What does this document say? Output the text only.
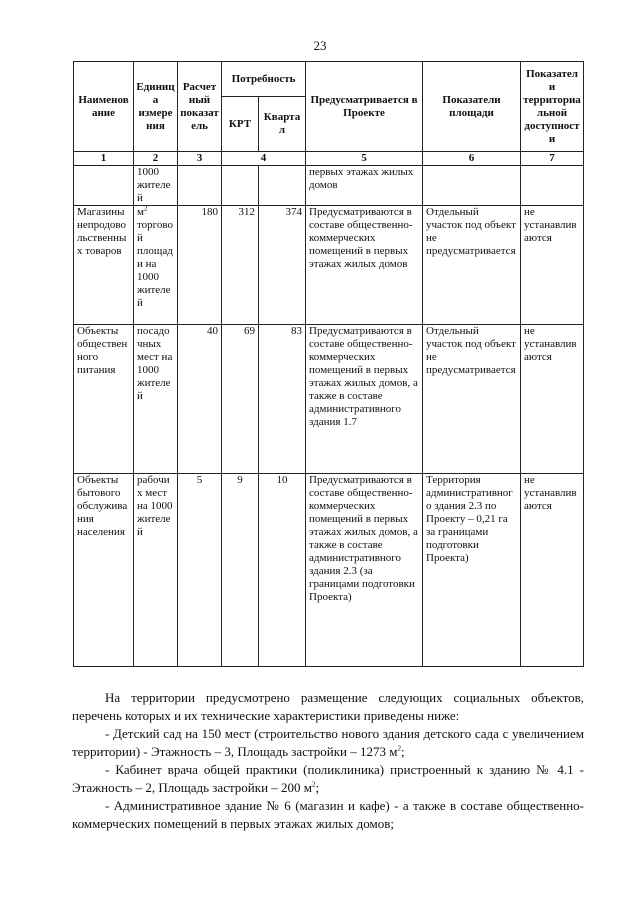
23
Наименование	Единица измерения	Расчетный показатель	Потребность		Предусматривается в Проекте	Показатели площади	Показатели территориальной доступности
			КРТ	Квартал			
1	2	3	4		5	6	7
	1000 жителей				первых этажах жилых домов		
Магазины непродовольственных товаров	$м^2$ торговой площади на 1000 жителей	180	312	374	Предусматриваются в составе общественно-коммерческих помещений в первых этажах жилых домов	Отдельный участок под объект не предусматривается	не устанавливаются
Объекты общественного питания	посадочных мест на 1000 жителей	40	69	83	Предусматриваются в составе общественно-коммерческих помещений в первых этажах жилых домов, а также в составе административного здания 1.7	Отдельный участок под объект не предусматривается	не устанавливаются
Объекты бытового обслуживания населения	рабочих мест на 1000 жителей	5	9	10	Предусматриваются в составе общественно-коммерческих помещений в первых этажах жилых домов, а также в составе административного здания 2.3 (за границами подготовки Проекта)	Территория административного здания 2.3 по Проекту – 0,21 га за границами подготовки Проекта)	не устанавливаются
На территории предусмотрено размещение следующих социальных объектов, перечень которых и их технические характеристики приведены ниже:
- Детский сад на 150 мест (строительство нового здания детского сада с увеличением территории) - Этажность – 3, Площадь застройки – 1273 $м^2$;
- Кабинет врача общей практики (поликлиника) пристроенный к зданию № 4.1 - Этажность – 2, Площадь застройки – 200 $м^2$;
- Административное здание № 6 (магазин и кафе) - а также в составе общественно-коммерческих помещений в первых этажах жилых домов;
